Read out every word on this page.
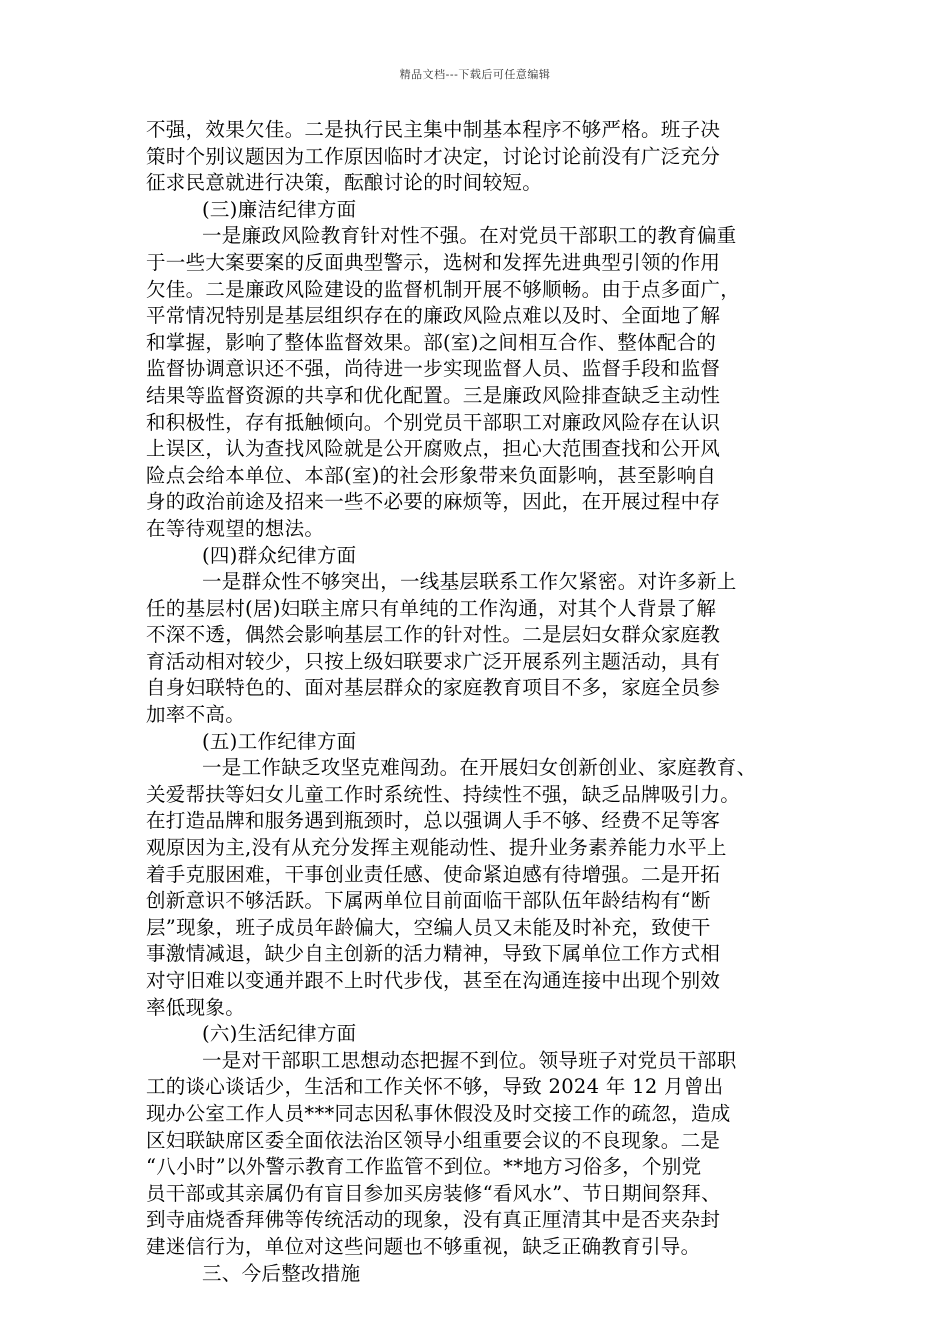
精品文档---下载后可任意编辑
不强，效果欠佳。二是执行民主集中制基本程序不够严格。班子决
策时个别议题因为工作原因临时才决定，讨论讨论前没有广泛充分
征求民意就进行决策，酝酿讨论的时间较短。
(三)廉洁纪律方面
一是廉政风险教育针对性不强。在对党员干部职工的教育偏重
于一些大案要案的反面典型警示，选树和发挥先进典型引领的作用
欠佳。二是廉政风险建设的监督机制开展不够顺畅。由于点多面广，
平常情况特别是基层组织存在的廉政风险点难以及时、全面地了解
和掌握，影响了整体监督效果。部(室)之间相互合作、整体配合的
监督协调意识还不强，尚待进一步实现监督人员、监督手段和监督
结果等监督资源的共享和优化配置。三是廉政风险排查缺乏主动性
和积极性，存有抵触倾向。个别党员干部职工对廉政风险存在认识
上误区，认为查找风险就是公开腐败点，担心大范围查找和公开风
险点会给本单位、本部(室)的社会形象带来负面影响，甚至影响自
身的政治前途及招来一些不必要的麻烦等，因此，在开展过程中存
在等待观望的想法。
(四)群众纪律方面
一是群众性不够突出，一线基层联系工作欠紧密。对许多新上
任的基层村(居)妇联主席只有单纯的工作沟通，对其个人背景了解
不深不透，偶然会影响基层工作的针对性。二是层妇女群众家庭教
育活动相对较少，只按上级妇联要求广泛开展系列主题活动，具有
自身妇联特色的、面对基层群众的家庭教育项目不多，家庭全员参
加率不高。
(五)工作纪律方面
一是工作缺乏攻坚克难闯劲。在开展妇女创新创业、家庭教育、
关爱帮扶等妇女儿童工作时系统性、持续性不强，缺乏品牌吸引力。
在打造品牌和服务遇到瓶颈时，总以强调人手不够、经费不足等客
观原因为主,没有从充分发挥主观能动性、提升业务素养能力水平上
着手克服困难，干事创业责任感、使命紧迫感有待增强。二是开拓
创新意识不够活跃。下属两单位目前面临干部队伍年龄结构有“断
层”现象，班子成员年龄偏大，空编人员又未能及时补充，致使干
事激情减退，缺少自主创新的活力精神，导致下属单位工作方式相
对守旧难以变通并跟不上时代步伐，甚至在沟通连接中出现个别效
率低现象。
(六)生活纪律方面
一是对干部职工思想动态把握不到位。领导班子对党员干部职
工的谈心谈话少，生活和工作关怀不够，导致 2024 年 12 月曾出
现办公室工作人员***同志因私事休假没及时交接工作的疏忽，造成
区妇联缺席区委全面依法治区领导小组重要会议的不良现象。二是
“八小时”以外警示教育工作监管不到位。**地方习俗多，个别党
员干部或其亲属仍有盲目参加买房装修“看风水”、节日期间祭拜、
到寺庙烧香拜佛等传统活动的现象，没有真正厘清其中是否夹杂封
建迷信行为，单位对这些问题也不够重视，缺乏正确教育引导。
三、今后整改措施
